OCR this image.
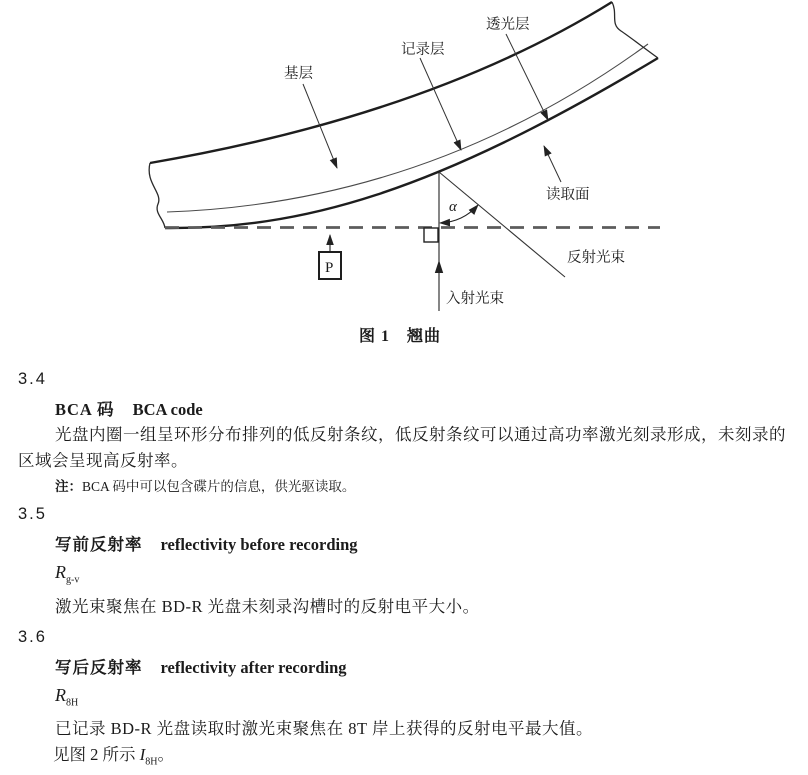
α
P
基层
记录层
透光层
读取面
反射光束
入射光束
图 1　翘曲
3.4
BCA 码 BCA code
光盘内圈一组呈环形分布排列的低反射条纹，低反射条纹可以通过高功率激光刻录形成，未刻录的
区域会呈现高反射率。
注：BCA 码中可以包含碟片的信息，供光驱读取。
3.5
写前反射率 reflectivity before recording
$R_{g-v}$
激光束聚焦在 BD-R 光盘未刻录沟槽时的反射电平大小。
3.6
写后反射率 reflectivity after recording
$R_{8H}$
已记录 BD-R 光盘读取时激光束聚焦在 8T 岸上获得的反射电平最大值。
见图 2 所示 $I_{8H}$。
